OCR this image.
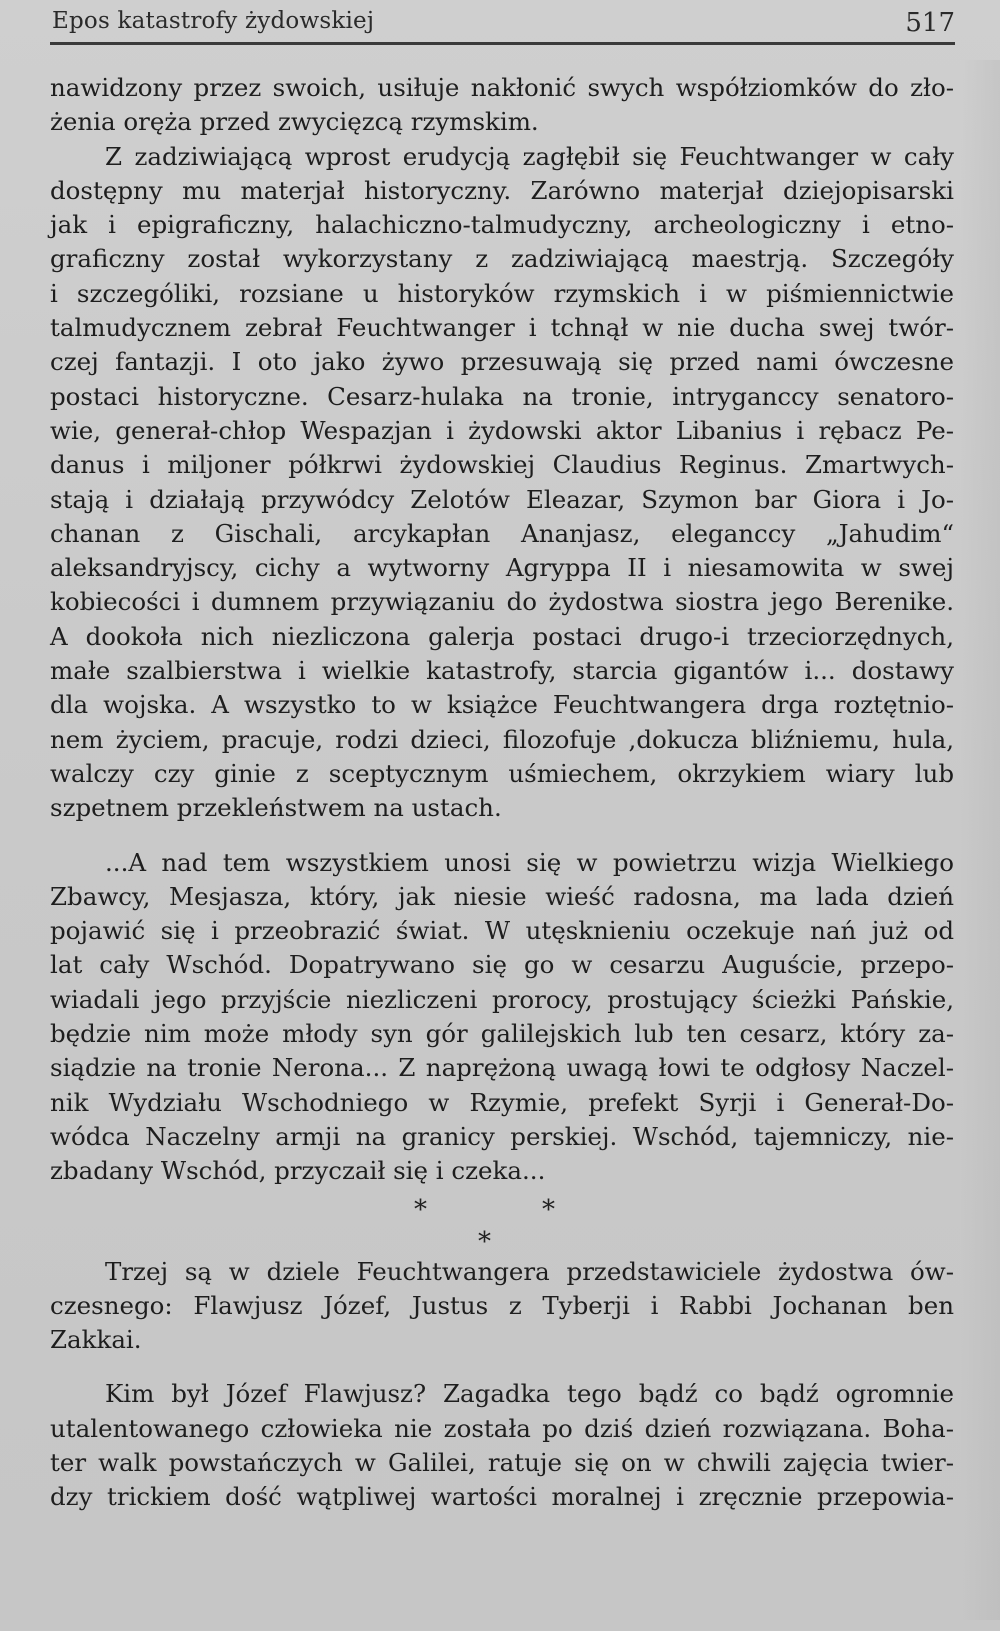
Epos katastrofy żydowskiej	517
nawidzony przez swoich, usiłuje nakłonić swych współziomków do zło-
żenia oręża przed zwycięzcą rzymskim.
Z zadziwiającą wprost erudycją zagłębił się Feuchtwanger w cały
dostępny mu materjał historyczny. Zarówno materjał dziejopisarski
jak i epigraficzny, halachiczno-talmudyczny, archeologiczny i etno-
graficzny został wykorzystany z zadziwiającą maestrją. Szczegóły
i szczególiki, rozsiane u historyków rzymskich i w piśmiennictwie
talmudycznem zebrał Feuchtwanger i tchnął w nie ducha swej twór-
czej fantazji. I oto jako żywo przesuwają się przed nami ówczesne
postaci historyczne. Cesarz-hulaka na tronie, intryganccy senatoro-
wie, generał-chłop Wespazjan i żydowski aktor Libanius i rębacz Pe-
danus i miljoner półkrwi żydowskiej Claudius Reginus. Zmartwych-
stają i działają przywódcy Zelotów Eleazar, Szymon bar Giora i Jo-
chanan z Gischali, arcykapłan Ananjasz, eleganccy „Jahudim“
aleksandryjscy, cichy a wytworny Agryppa II i niesamowita w swej
kobiecości i dumnem przywiązaniu do żydostwa siostra jego Berenike.
A dookoła nich niezliczona galerja postaci drugo-i trzeciorzędnych,
małe szalbierstwa i wielkie katastrofy, starcia gigantów i... dostawy
dla wojska. A wszystko to w książce Feuchtwangera drga roztętnio-
nem życiem, pracuje, rodzi dzieci, filozofuje ,dokucza bliźniemu, hula,
walczy czy ginie z sceptycznym uśmiechem, okrzykiem wiary lub
szpetnem przekleństwem na ustach.
...A nad tem wszystkiem unosi się w powietrzu wizja Wielkiego
Zbawcy, Mesjasza, który, jak niesie wieść radosna, ma lada dzień
pojawić się i przeobrazić świat. W utęsknieniu oczekuje nań już od
lat cały Wschód. Dopatrywano się go w cesarzu Auguście, przepo-
wiadali jego przyjście niezliczeni prorocy, prostujący ścieżki Pańskie,
będzie nim może młody syn gór galilejskich lub ten cesarz, który za-
siądzie na tronie Nerona... Z naprężoną uwagą łowi te odgłosy Naczel-
nik Wydziału Wschodniego w Rzymie, prefekt Syrji i Generał-Do-
wódca Naczelny armji na granicy perskiej. Wschód, tajemniczy, nie-
zbadany Wschód, przyczaił się i czeka...
*	*
*
Trzej są w dziele Feuchtwangera przedstawiciele żydostwa ów-
czesnego: Flawjusz Józef, Justus z Tyberji i Rabbi Jochanan ben
Zakkai.
Kim był Józef Flawjusz? Zagadka tego bądź co bądź ogromnie
utalentowanego człowieka nie została po dziś dzień rozwiązana. Boha-
ter walk powstańczych w Galilei, ratuje się on w chwili zajęcia twier-
dzy trickiem dość wątpliwej wartości moralnej i zręcznie przepowia-
